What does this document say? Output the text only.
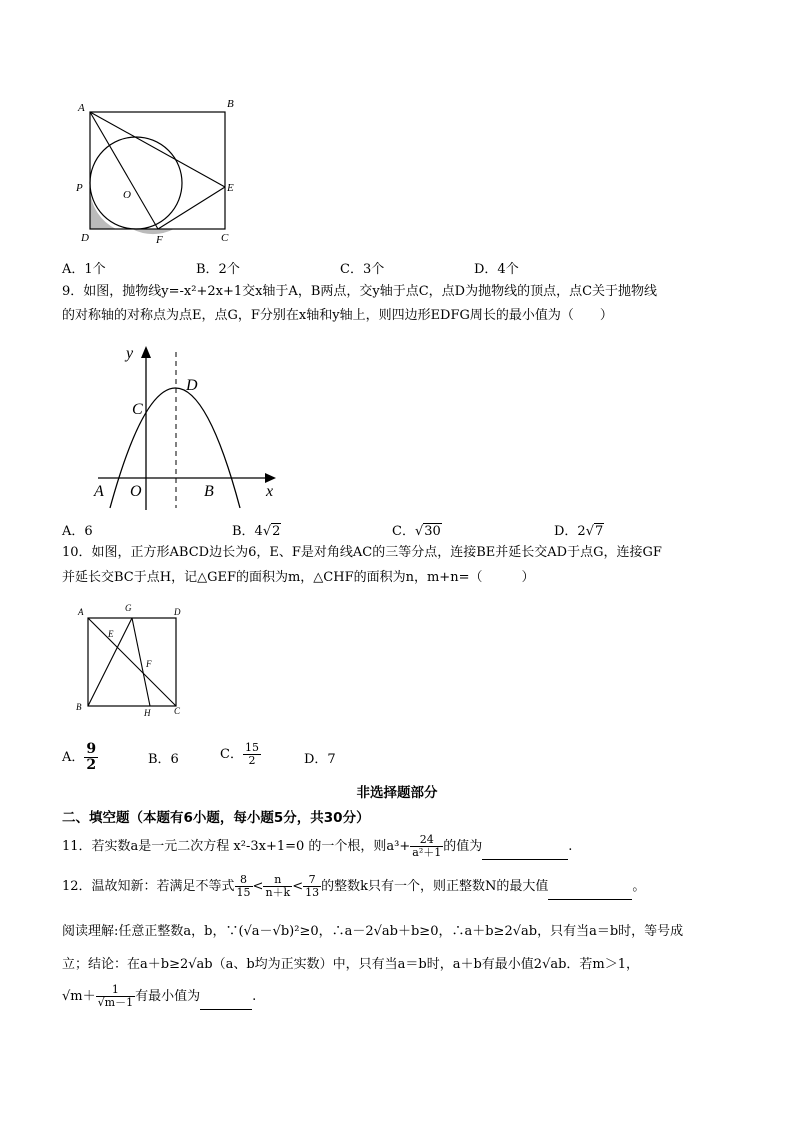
A	B
P
O
E
D	F	C
A．1个	B．2个	C．3个	D．4个
9．如图，抛物线y=-x²+2x+1交x轴于A，B两点，交y轴于点C，点D为抛物线的顶点，点C关于抛物线
的对称轴的对称点为点E，点G，F分别在x轴和y轴上，则四边形EDFG周长的最小值为（　　）
y
D
C
A O	B	x
A．6	B．4√2	C．√30	D．2√7
10．如图，正方形ABCD边长为6，E、F是对角线AC的三等分点，连接BE并延长交AD于点G，连接GF
并延长交BC于点H，记△GEF的面积为m，△CHF的面积为n，m+n=（　　　）
A	G	D
E
F
B
H	C
A． $\frac{9}{2}$	B．6	C． $\frac{15}{2}$	D．7
非选择题部分
二、填空题（本题有6小题，每小题5分，共30分）
11．若实数a是一元二次方程 x²-3x+1=0 的一个根，则$a^3+ \frac{24}{\text{a²＋1}}$ 的值为	.
12．温故知新：若满足不等式 $\frac{8}{15} < \frac{n}{n+k} < \frac{7}{13}$ 的整数k只有一个，则正整数N的最大值	。
阅读理解:任意正整数a，b，∵(√a－√b)²≥0，∴a－2√ab＋b≥0，∴a＋b≥2√ab，只有当a＝b时，等号成
立；结论：在a＋b≥2√ab（a、b均为正实数）中，只有当a＝b时，a＋b有最小值2√ab．若m＞1，
$√m+ \frac{1}{√m-1}$ 有最小值为	.
